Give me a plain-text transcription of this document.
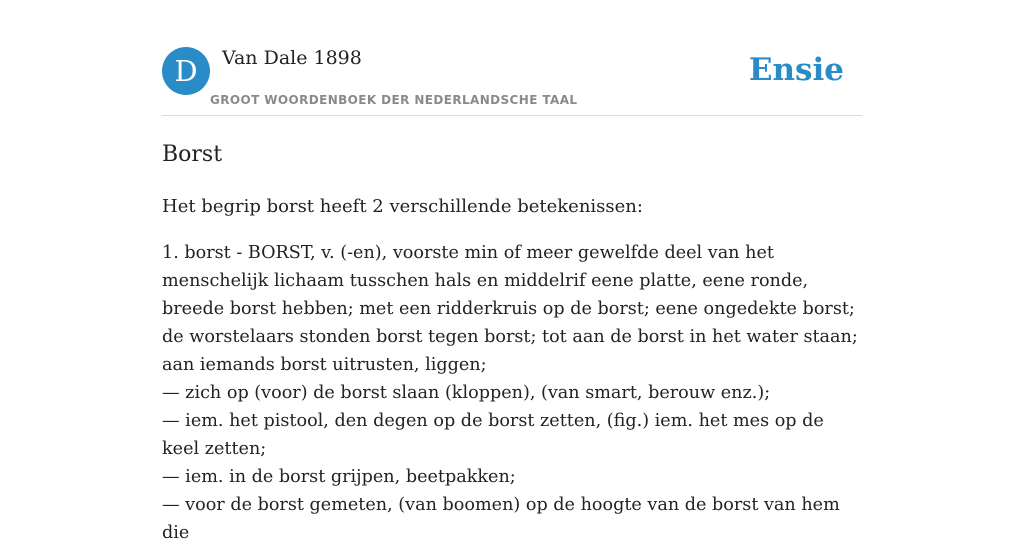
D	Van Dale 1898
GROOT WOORDENBOEK DER NEDERLANDSCHE TAAL
Ensie
Borst

Het begrip borst heeft 2 verschillende betekenissen:

1. borst - BORST, v. (-en), voorste min of meer gewelfde deel van het menschelijk lichaam tusschen hals en middelrif eene platte, eene ronde, breede borst hebben; met een ridderkruis op de borst; eene ongedekte borst; de worstelaars stonden borst tegen borst; tot aan de borst in het water staan; aan iemands borst uitrusten, liggen;
— zich op (voor) de borst slaan (kloppen), (van smart, berouw enz.);
— iem. het pistool, den degen op de borst zetten, (fig.) iem. het mes op de keel zetten;
— iem. in de borst grijpen, beetpakken;
— voor de borst gemeten, (van boomen) op de hoogte van de borst van hem die
